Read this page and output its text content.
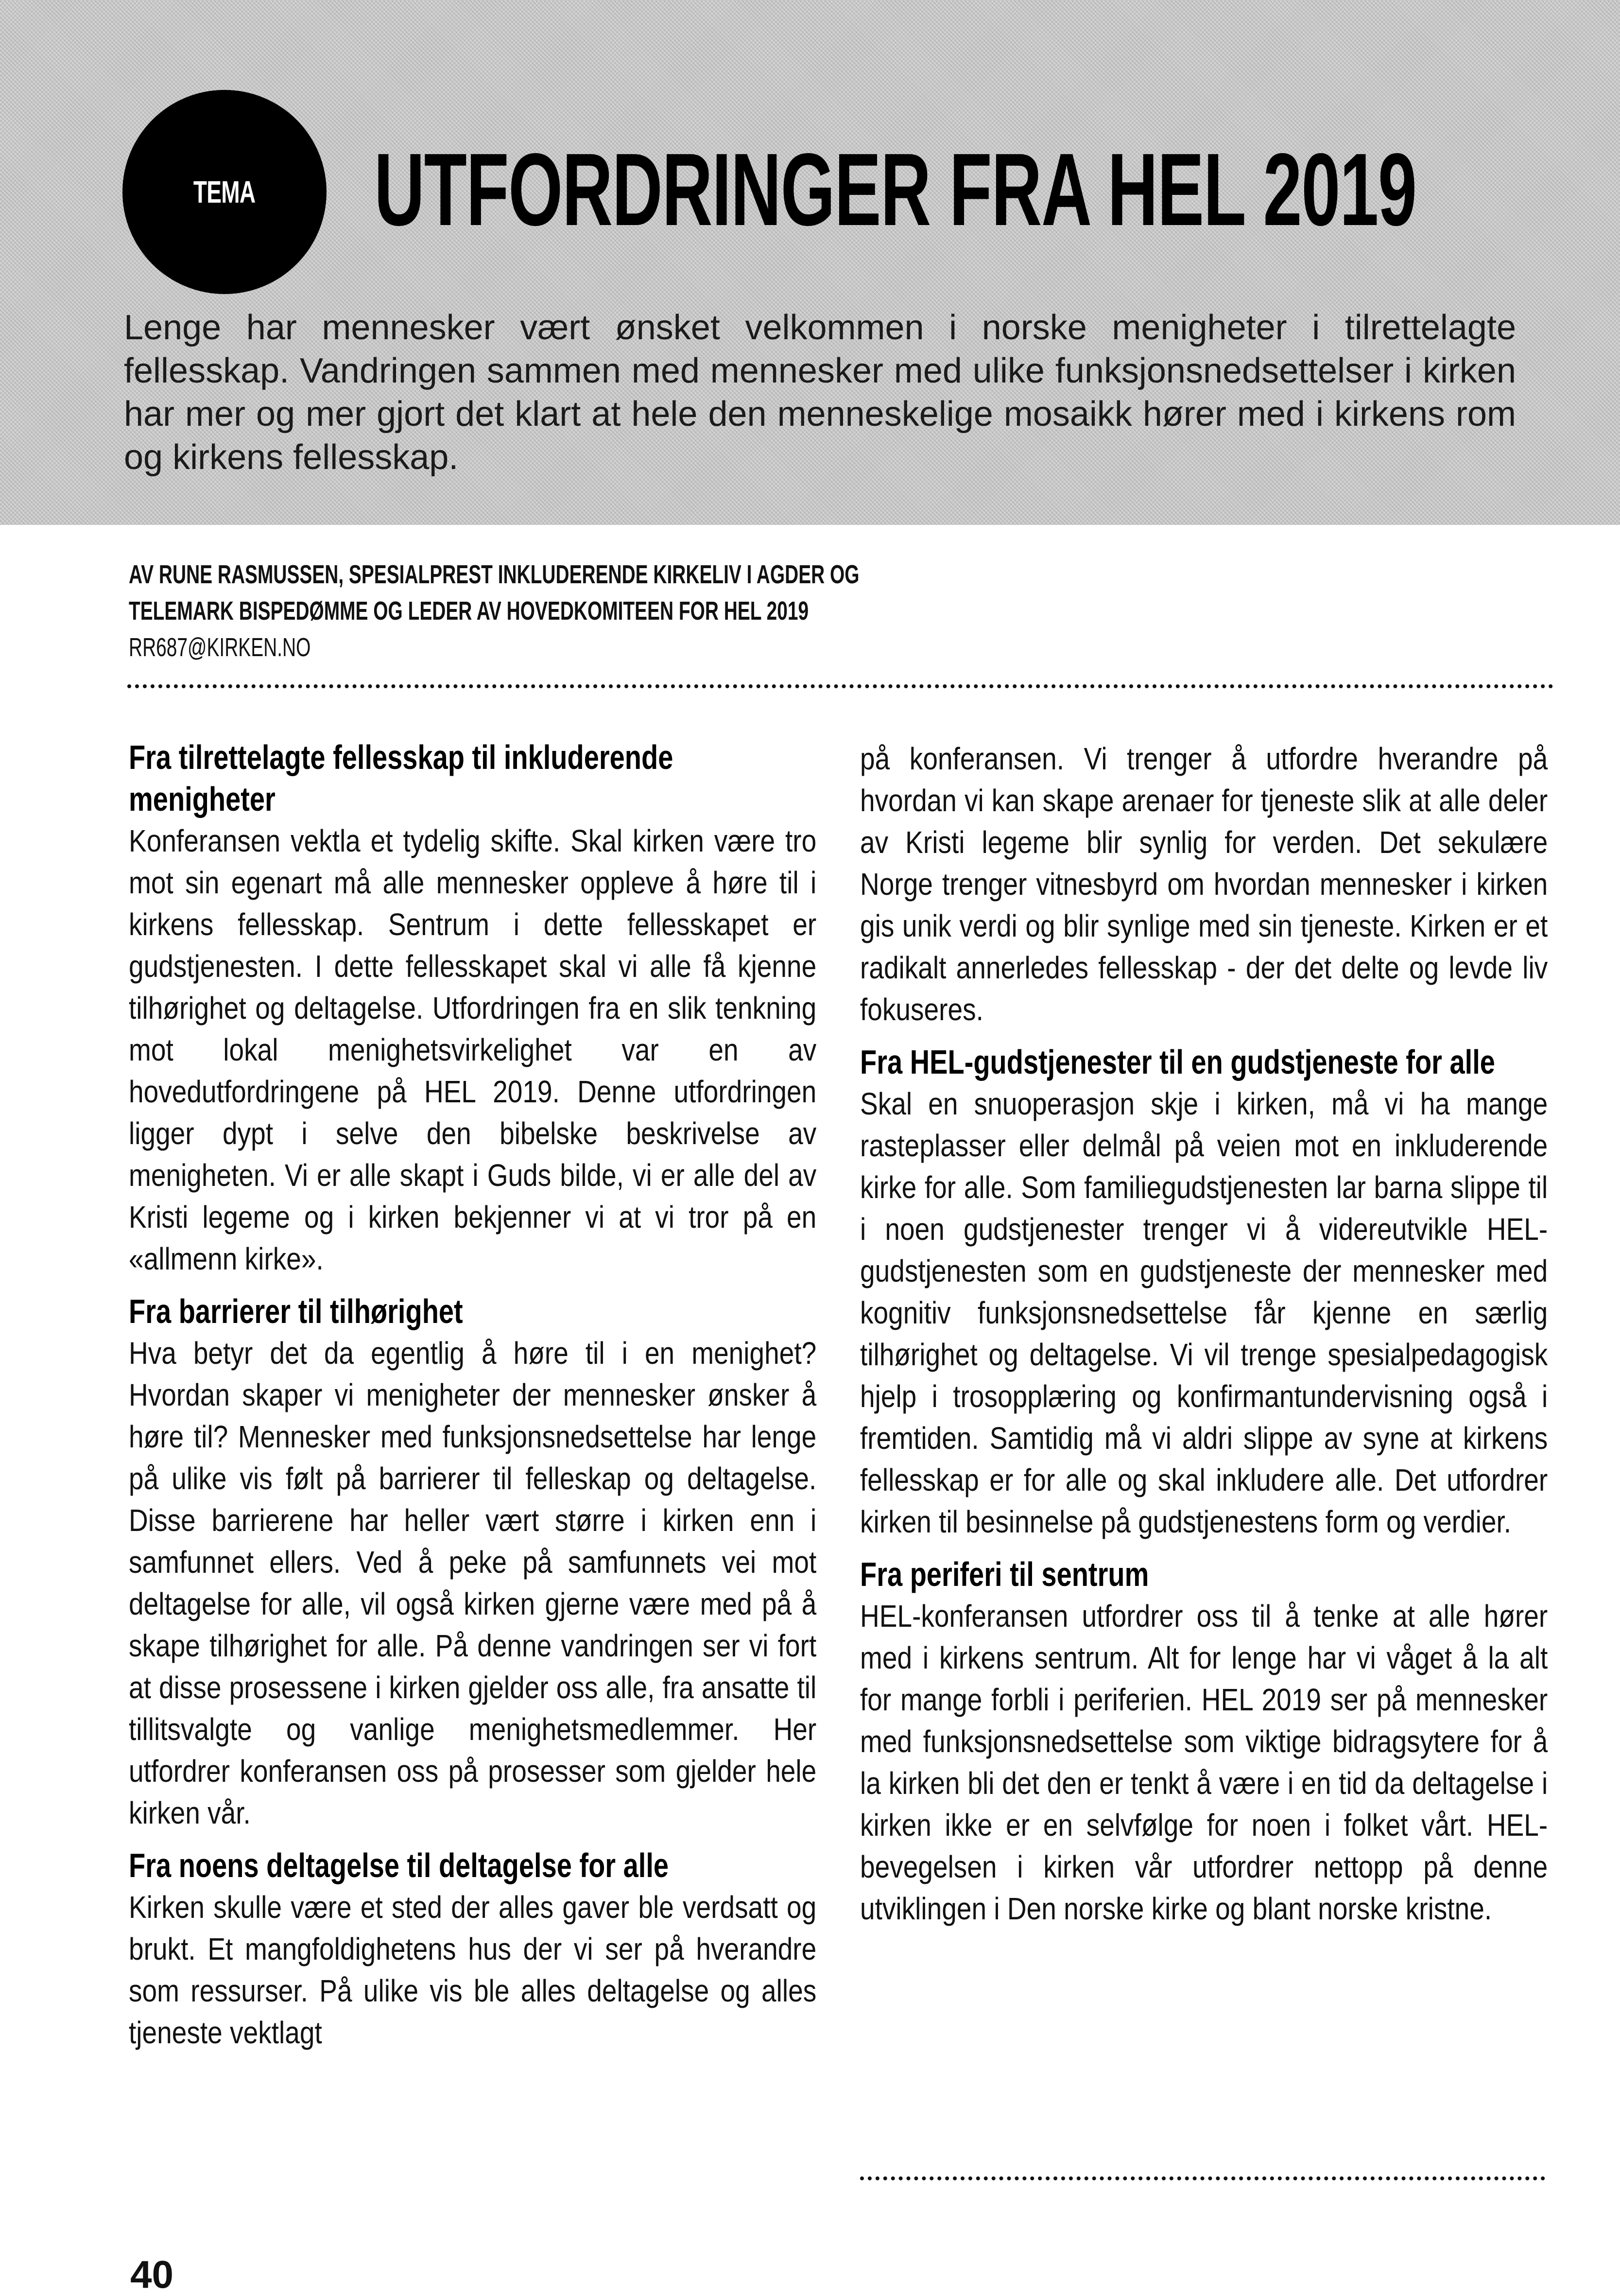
TEMA UTFORDRINGER FRA HEL 2019

Lenge har mennesker vært ønsket velkommen i norske menigheter i tilrettelagte fellesskap. Vandringen sammen med mennesker med ulike funksjonsnedsettelser i kirken har mer og mer gjort det klart at hele den menneskelige mosaikk hører med i kirkens rom og kirkens fellesskap.

AV RUNE RASMUSSEN, SPESIALPREST INKLUDERENDE KIRKELIV I AGDER OG
TELEMARK BISPEDØMME OG LEDER AV HOVEDKOMITEEN FOR HEL 2019
RR687@KIRKEN.NO
Fra tilrettelagte fellesskap til inkluderende menigheter

Konferansen vektla et tydelig skifte. Skal kirken være tro mot sin egenart må alle mennesker oppleve å høre til i kirkens fellesskap. Sentrum i dette fellesskapet er gudstjenesten. I dette fellesskapet skal vi alle få kjenne tilhørighet og deltagelse. Utfordringen fra en slik tenkning mot lokal menighetsvirkelighet var en av hovedutfordringene på HEL 2019. Denne utfordringen ligger dypt i selve den bibelske beskrivelse av menigheten. Vi er alle skapt i Guds bilde, vi er alle del av Kristi legeme og i kirken bekjenner vi at vi tror på en «allmenn kirke».

Fra barrierer til tilhørighet

Hva betyr det da egentlig å høre til i en menighet? Hvordan skaper vi menigheter der mennesker ønsker å høre til? Mennesker med funksjonsnedsettelse har lenge på ulike vis følt på barrierer til felleskap og deltagelse. Disse barrierene har heller vært større i kirken enn i samfunnet ellers. Ved å peke på samfunnets vei mot deltagelse for alle, vil også kirken gjerne være med på å skape tilhørighet for alle. På denne vandringen ser vi fort at disse prosessene i kirken gjelder oss alle, fra ansatte til tillitsvalgte og vanlige menighetsmedlemmer. Her utfordrer konferansen oss på prosesser som gjelder hele kirken vår.

Fra noens deltagelse til deltagelse for alle

Kirken skulle være et sted der alles gaver ble verdsatt og brukt. Et mangfoldighetens hus der vi ser på hverandre som ressurser. På ulike vis ble alles deltagelse og alles tjeneste vektlagt

på konferansen. Vi trenger å utfordre hverandre på hvordan vi kan skape arenaer for tjeneste slik at alle deler av Kristi legeme blir synlig for verden. Det sekulære Norge trenger vitnesbyrd om hvordan mennesker i kirken gis unik verdi og blir synlige med sin tjeneste. Kirken er et radikalt annerledes fellesskap - der det delte og levde liv fokuseres.

Fra HEL-gudstjenester til en gudstjeneste for alle

Skal en snuoperasjon skje i kirken, må vi ha mange rasteplasser eller delmål på veien mot en inkluderende kirke for alle. Som familiegudstjenesten lar barna slippe til i noen gudstjenester trenger vi å videreutvikle HEL-gudstjenesten som en gudstjeneste der mennesker med kognitiv funksjonsnedsettelse får kjenne en særlig tilhørighet og deltagelse. Vi vil trenge spesialpedagogisk hjelp i trosopplæring og konfirmantundervisning også i fremtiden. Samtidig må vi aldri slippe av syne at kirkens fellesskap er for alle og skal inkludere alle. Det utfordrer kirken til besinnelse på gudstjenestens form og verdier.

Fra periferi til sentrum

HEL-konferansen utfordrer oss til å tenke at alle hører med i kirkens sentrum. Alt for lenge har vi våget å la alt for mange forbli i periferien. HEL 2019 ser på mennesker med funksjonsnedsettelse som viktige bidragsytere for å la kirken bli det den er tenkt å være i en tid da deltagelse i kirken ikke er en selvfølge for noen i folket vårt. HEL-bevegelsen i kirken vår utfordrer nettopp på denne utviklingen i Den norske kirke og blant norske kristne.

40
